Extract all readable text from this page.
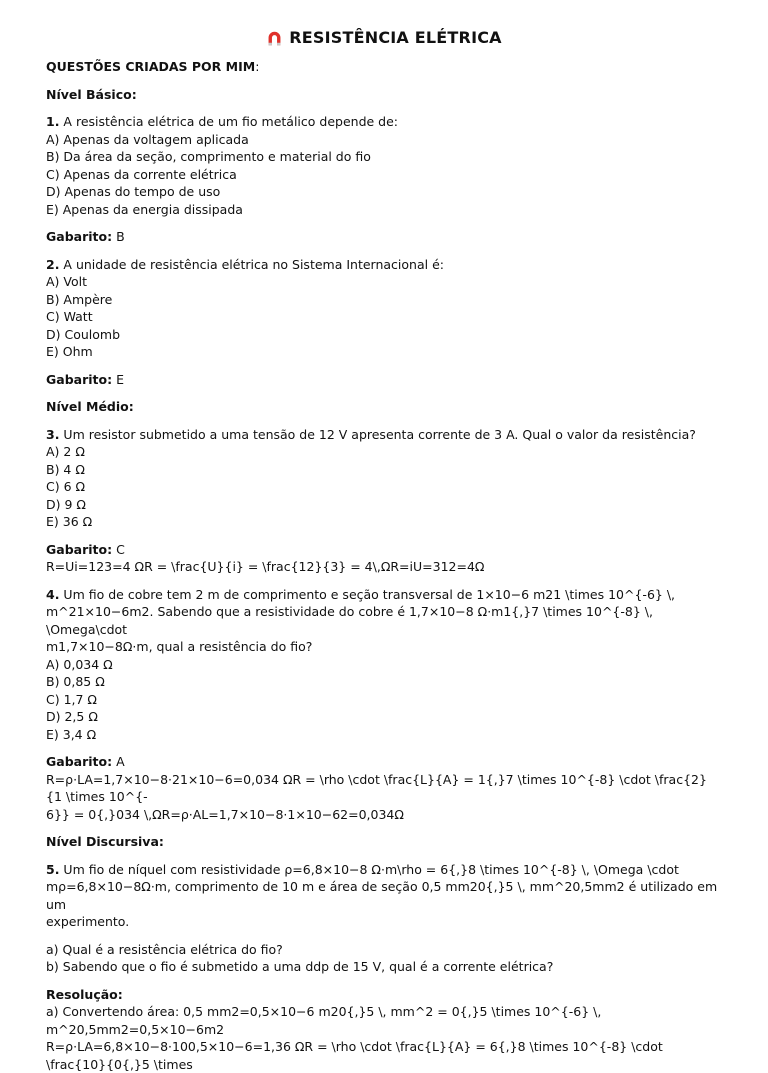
RESISTÊNCIA ELÉTRICA
QUESTÕES CRIADAS POR MIM:
Nível Básico:
1. A resistência elétrica de um fio metálico depende de:
A) Apenas da voltagem aplicada
B) Da área da seção, comprimento e material do fio
C) Apenas da corrente elétrica
D) Apenas do tempo de uso
E) Apenas da energia dissipada
Gabarito: B
2. A unidade de resistência elétrica no Sistema Internacional é:
A) Volt
B) Ampère
C) Watt
D) Coulomb
E) Ohm
Gabarito: E
Nível Médio:
3. Um resistor submetido a uma tensão de 12 V apresenta corrente de 3 A. Qual o valor da resistência?
A) 2 Ω
B) 4 Ω
C) 6 Ω
D) 9 Ω
E) 36 Ω
Gabarito: C
R=Ui=123=4 ΩR = \frac{U}{i} = \frac{12}{3} = 4\,ΩR=iU=312=4Ω
4. Um fio de cobre tem 2 m de comprimento e seção transversal de 1×10−6 m21 \times 10^{-6} \,
m^21×10−6m2. Sabendo que a resistividade do cobre é 1,7×10−8 Ω·m1{,}7 \times 10^{-8} \, \Omega\cdot
m1,7×10−8Ω·m, qual a resistência do fio?
A) 0,034 Ω
B) 0,85 Ω
C) 1,7 Ω
D) 2,5 Ω
E) 3,4 Ω
Gabarito: A
R=ρ·LA=1,7×10−8·21×10−6=0,034 ΩR = \rho \cdot \frac{L}{A} = 1{,}7 \times 10^{-8} \cdot \frac{2}{1 \times 10^{-
6}} = 0{,}034 \,ΩR=ρ·AL=1,7×10−8·1×10−62=0,034Ω
Nível Discursiva:
5. Um fio de níquel com resistividade ρ=6,8×10−8 Ω·m\rho = 6{,}8 \times 10^{-8} \, \Omega \cdot
mρ=6,8×10−8Ω·m, comprimento de 10 m e área de seção 0,5 mm20{,}5 \, mm^20,5mm2 é utilizado em um
experimento.
a) Qual é a resistência elétrica do fio?
b) Sabendo que o fio é submetido a uma ddp de 15 V, qual é a corrente elétrica?
Resolução:
a) Convertendo área: 0,5 mm2=0,5×10−6 m20{,}5 \, mm^2 = 0{,}5 \times 10^{-6} \, m^20,5mm2=0,5×10−6m2
R=ρ·LA=6,8×10−8·100,5×10−6=1,36 ΩR = \rho \cdot \frac{L}{A} = 6{,}8 \times 10^{-8} \cdot \frac{10}{0{,}5 \times
